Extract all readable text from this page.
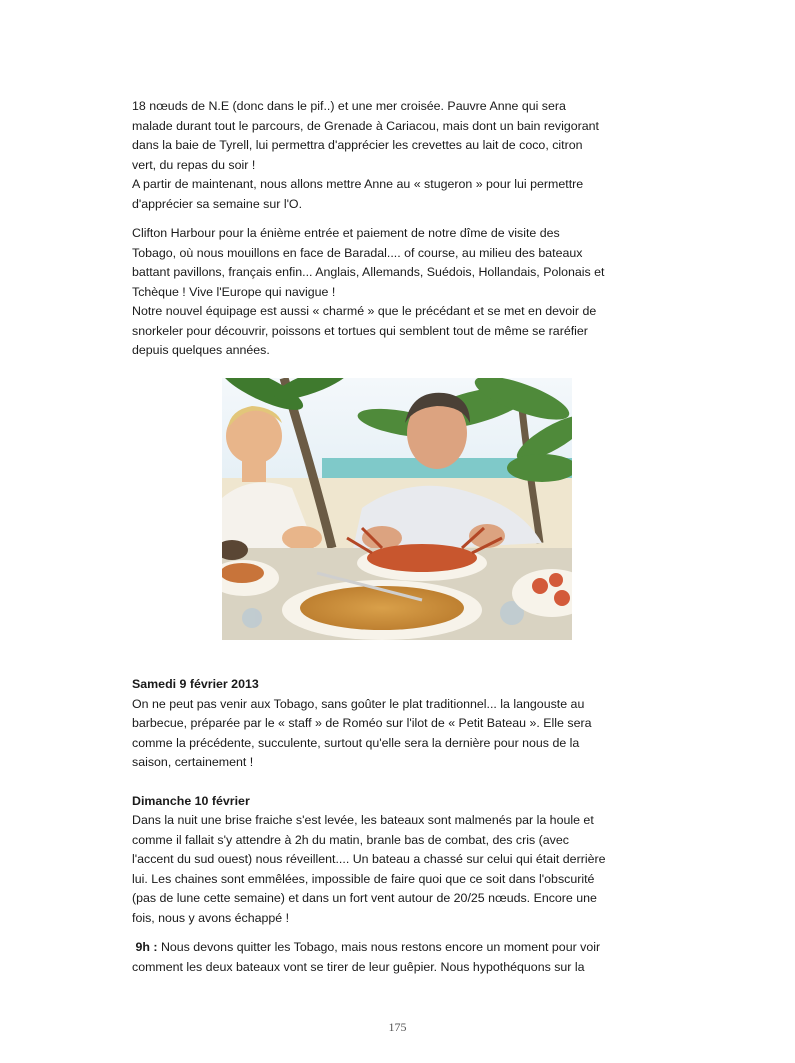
18 nœuds de N.E (donc dans le pif..) et une mer croisée. Pauvre Anne qui sera
malade durant tout le parcours, de Grenade à Cariacou, mais dont un bain revigorant
dans la baie de Tyrell, lui permettra d'apprécier les crevettes au lait de coco, citron
vert, du repas du soir !

A partir de maintenant, nous allons mettre Anne au « stugeron » pour lui permettre
d'apprécier sa semaine sur l'O.

Clifton Harbour pour la énième entrée et paiement de notre dîme de visite des
Tobago, où nous mouillons en face de Baradal.... of course, au milieu des bateaux
battant pavillons, français enfin... Anglais, Allemands, Suédois, Hollandais, Polonais et
Tchèque ! Vive l'Europe qui navigue !

Notre nouvel équipage est aussi « charmé » que le précédant et se met en devoir de
snorkeler pour découvrir, poissons et tortues qui semblent tout de même se raréfier
depuis quelques années.

Samedi 9 février 2013

On ne peut pas venir aux Tobago, sans goûter le plat traditionnel... la langouste au
barbecue, préparée par le « staff » de Roméo sur l'ilot de « Petit Bateau ». Elle sera
comme la précédente, succulente, surtout qu'elle sera la dernière pour nous de la
saison, certainement !

Dimanche 10 février

Dans la nuit une brise fraiche s'est levée, les bateaux sont malmenés par la houle et
comme il fallait s'y attendre à 2h du matin, branle bas de combat, des cris (avec
l'accent du sud ouest) nous réveillent.... Un bateau a chassé sur celui qui était derrière
lui. Les chaines sont emmêlées, impossible de faire quoi que ce soit dans l'obscurité
(pas de lune cette semaine) et dans un fort vent autour de 20/25 nœuds. Encore une
fois, nous y avons échappé !

9h : Nous devons quitter les Tobago, mais nous restons encore un moment pour voir
comment les deux bateaux vont se tirer de leur guêpier. Nous hypothéquons sur la

175
